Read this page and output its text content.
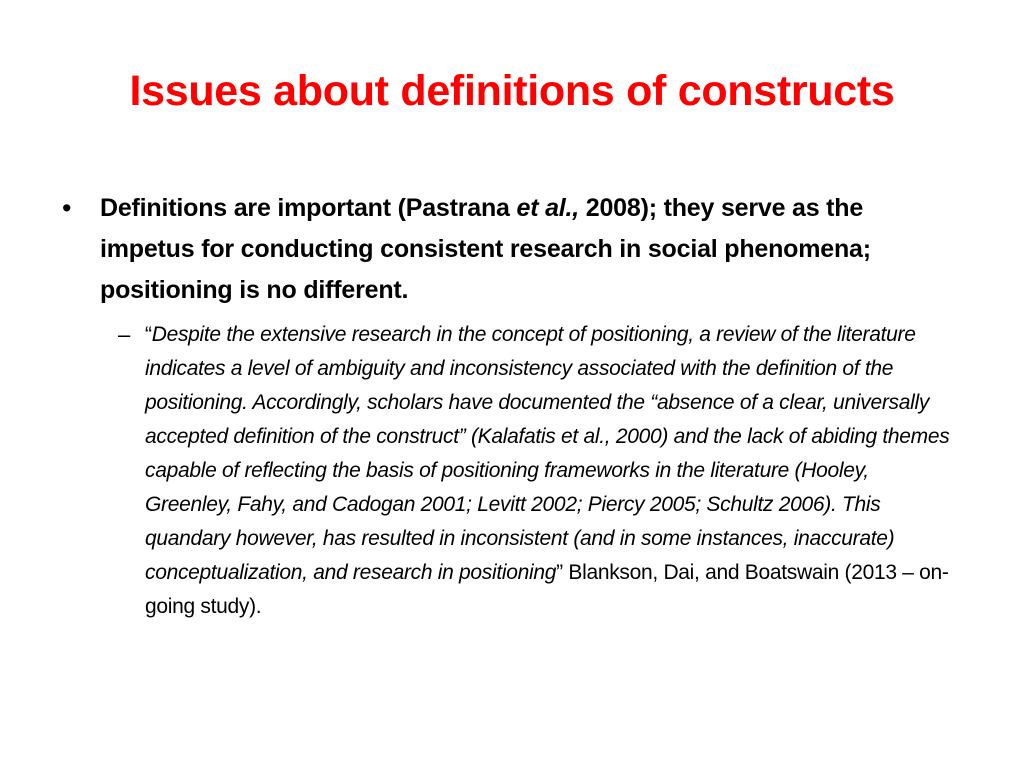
Issues about definitions of constructs
• Definitions are important (Pastrana et al., 2008); they serve as the impetus for conducting consistent research in social phenomena; positioning is no different.
– “Despite the extensive research in the concept of positioning, a review of the literature indicates a level of ambiguity and inconsistency associated with the definition of the positioning. Accordingly, scholars have documented the “absence of a clear, universally accepted definition of the construct” (Kalafatis et al., 2000) and the lack of abiding themes capable of reflecting the basis of positioning frameworks in the literature (Hooley, Greenley, Fahy, and Cadogan 2001; Levitt 2002; Piercy 2005; Schultz 2006). This quandary however, has resulted in inconsistent (and in some instances, inaccurate) conceptualization, and research in positioning” Blankson, Dai, and Boatswain (2013 – on-going study).
